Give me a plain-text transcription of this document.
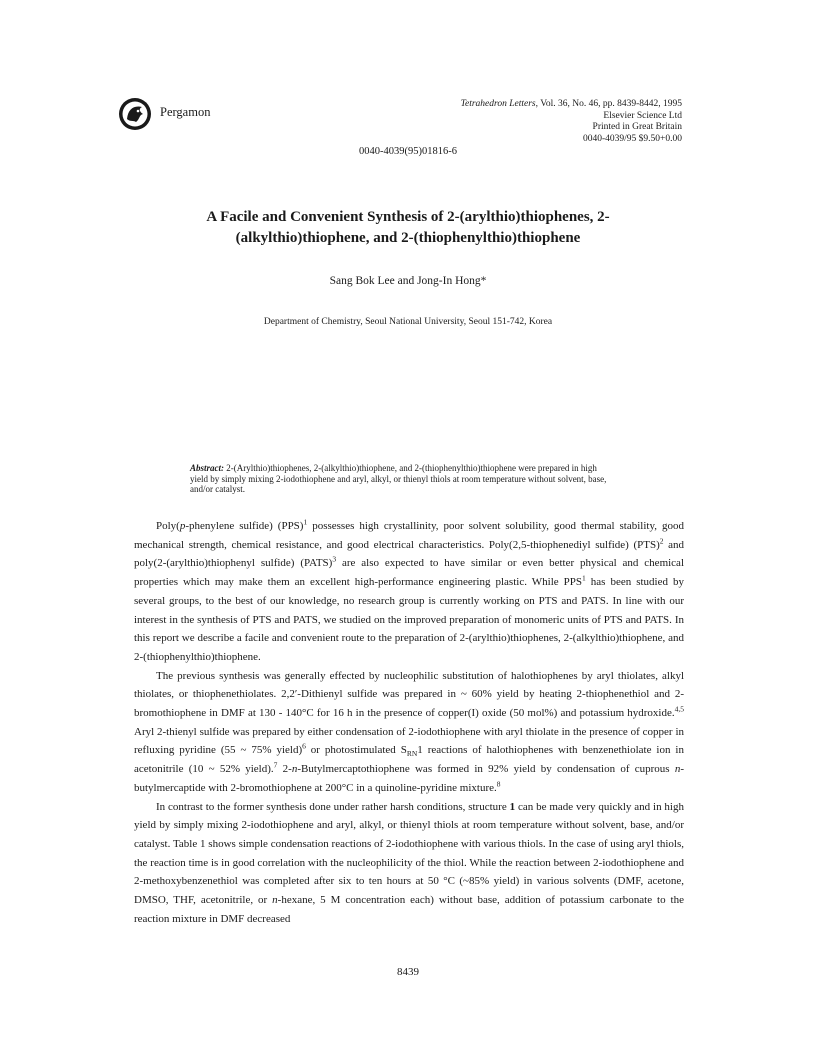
Pergamon
Tetrahedron Letters, Vol. 36, No. 46, pp. 8439-8442, 1995
Elsevier Science Ltd
Printed in Great Britain
0040-4039/95 $9.50+0.00
0040-4039(95)01816-6
A Facile and Convenient Synthesis of 2-(arylthio)thiophenes, 2-(alkylthio)thiophene, and 2-(thiophenylthio)thiophene
Sang Bok Lee and Jong-In Hong*
Department of Chemistry, Seoul National University, Seoul 151-742, Korea
Abstract: 2-(Arylthio)thiophenes, 2-(alkylthio)thiophene, and 2-(thiophenylthio)thiophene were prepared in high yield by simply mixing 2-iodothiophene and aryl, alkyl, or thienyl thiols at room temperature without solvent, base, and/or catalyst.

Poly(p-phenylene sulfide) (PPS)$^1$ possesses high crystallinity, poor solvent solubility, good thermal stability, good mechanical strength, chemical resistance, and good electrical characteristics. Poly(2,5-thiophenediyl sulfide) (PTS)$^2$ and poly(2-(arylthio)thiophenyl sulfide) (PATS)$^3$ are also expected to have similar or even better physical and chemical properties which may make them an excellent high-performance engineering plastic. While PPS$^1$ has been studied by several groups, to the best of our knowledge, no research group is currently working on PTS and PATS. In line with our interest in the synthesis of PTS and PATS, we studied on the improved preparation of monomeric units of PTS and PATS. In this report we describe a facile and convenient route to the preparation of 2-(arylthio)thiophenes, 2-(alkylthio)thiophene, and 2-(thiophenylthio)thiophene.

The previous synthesis was generally effected by nucleophilic substitution of halothiophenes by aryl thiolates, alkyl thiolates, or thiophenethiolates. 2,2′-Dithienyl sulfide was prepared in ~ 60% yield by heating 2-thiophenethiol and 2-bromothiophene in DMF at 130 - 140°C for 16 h in the presence of copper(I) oxide (50 mol%) and potassium hydroxide.$^{4,5}$ Aryl 2-thienyl sulfide was prepared by either condensation of 2-iodothiophene with aryl thiolate in the presence of copper in refluxing pyridine (55 ~ 75% yield)$^6$ or photostimulated $S_{RN}1$ reactions of halothiophenes with benzenethiolate ion in acetonitrile (10 ~ 52% yield).$^7$ 2-n-Butylmercaptothiophene was formed in 92% yield by condensation of cuprous n-butylmercaptide with 2-bromothiophene at 200°C in a quinoline-pyridine mixture.$^8$

In contrast to the former synthesis done under rather harsh conditions, structure 1 can be made very quickly and in high yield by simply mixing 2-iodothiophene and aryl, alkyl, or thienyl thiols at room temperature without solvent, base, and/or catalyst. Table 1 shows simple condensation reactions of 2-iodothiophene with various thiols. In the case of using aryl thiols, the reaction time is in good correlation with the nucleophilicity of the thiol. While the reaction between 2-iodothiophene and 2-methoxybenzenethiol was completed after six to ten hours at 50 °C (~85% yield) in various solvents (DMF, acetone, DMSO, THF, acetonitrile, or n-hexane, 5 M concentration each) without base, addition of potassium carbonate to the reaction mixture in DMF decreased

8439
